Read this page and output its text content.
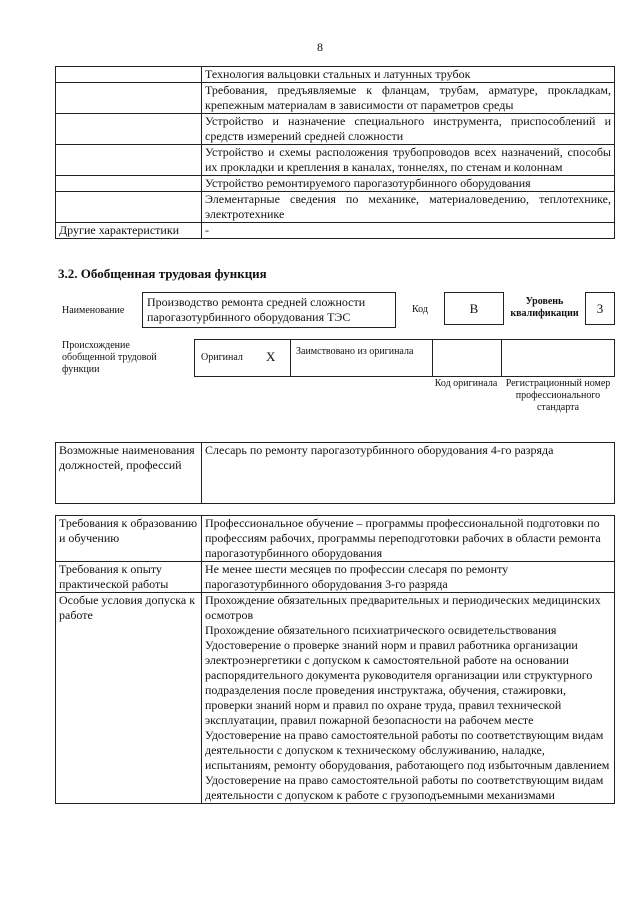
8
	Технология вальцовки стальных и латунных трубок
	Требования, предъявляемые к фланцам, трубам, арматуре, прокладкам, крепежным материалам в зависимости от параметров среды
	Устройство и назначение специального инструмента, приспособлений и средств измерений средней сложности
	Устройство и схемы расположения трубопроводов всех назначений, способы их прокладки и крепления в каналах, тоннелях, по стенам и колоннам
	Устройство ремонтируемого парогазотурбинного оборудования
	Элементарные сведения по механике, материаловедению, теплотехнике, электротехнике
Другие характеристики	-
3.2. Обобщенная трудовая функция
Наименование
Производство ремонта средней сложности парогазотурбинного оборудования ТЭС
Код	B	Уровень квалификации	3
Происхождение обобщенной трудовой функции
Оригинал X Заимствовано из оригинала
Код оригинала Регистрационный номер профессионального стандарта
Возможные наименования должностей, профессий	Слесарь по ремонту парогазотурбинного оборудования 4-го разряда
Требования к образованию и обучению	Профессиональное обучение – программы профессиональной подготовки по профессиям рабочих, программы переподготовки рабочих в области ремонта парогазотурбинного оборудования

Требования к опыту практической работы	Не менее шести месяцев по профессии слесаря по ремонту парогазотурбинного оборудования 3-го разряда

Особые условия допуска к работе	Прохождение обязательных предварительных и периодических медицинских осмотров
Прохождение обязательного психиатрического освидетельствования
Удостоверение о проверке знаний норм и правил работника организации электроэнергетики с допуском к самостоятельной работе на основании распорядительного документа руководителя организации или структурного подразделения после проведения инструктажа, обучения, стажировки, проверки знаний норм и правил по охране труда, правил технической эксплуатации, правил пожарной безопасности на рабочем месте
Удостоверение на право самостоятельной работы по соответствующим видам деятельности с допуском к техническому обслуживанию, наладке, испытаниям, ремонту оборудования, работающего под избыточным давлением
Удостоверение на право самостоятельной работы по соответствующим видам деятельности с допуском к работе с грузоподъемными механизмами
